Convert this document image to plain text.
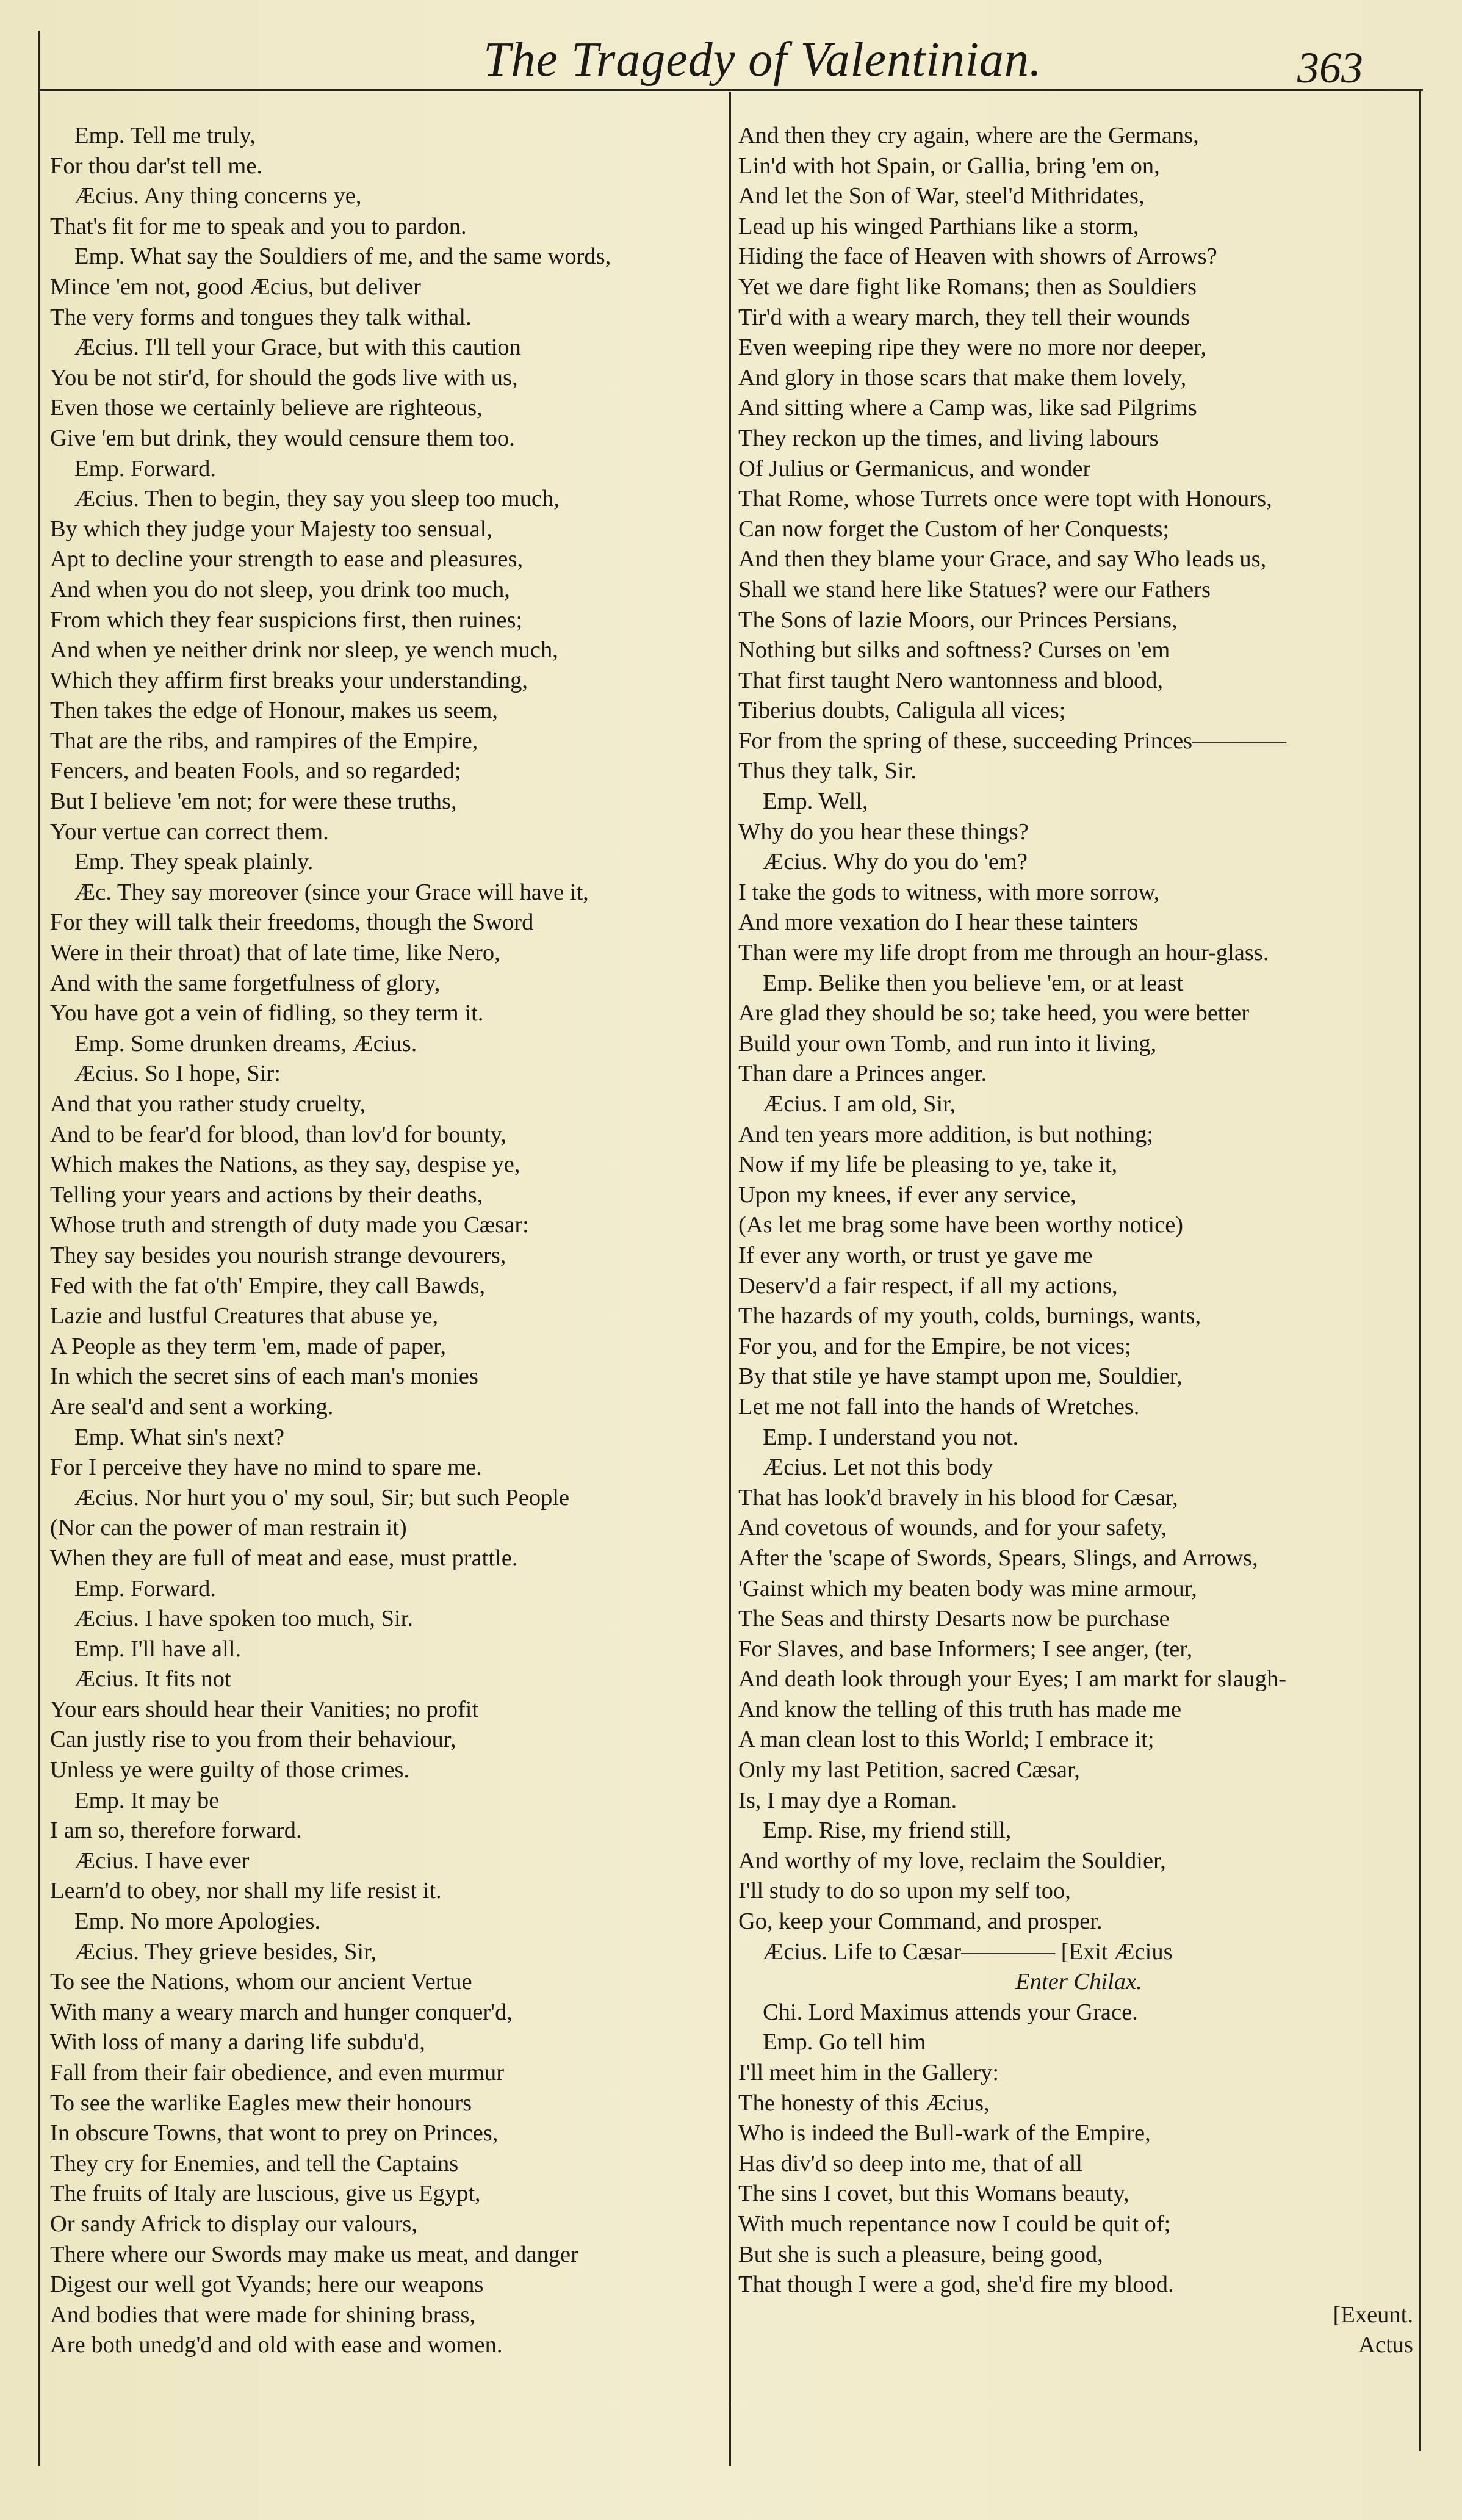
The Tragedy of Valentinian.	363
Emp. Tell me truly,
For thou dar'st tell me.
Æcius. Any thing concerns ye,
That's fit for me to speak and you to pardon.
Emp. What say the Souldiers of me, and the same words,
Mince 'em not, good Æcius, but deliver
The very forms and tongues they talk withal.
Æcius. I'll tell your Grace, but with this caution
You be not stir'd, for should the gods live with us,
Even those we certainly believe are righteous,
Give 'em but drink, they would censure them too.
Emp. Forward.
Æcius. Then to begin, they say you sleep too much,
By which they judge your Majesty too sensual,
Apt to decline your strength to ease and pleasures,
And when you do not sleep, you drink too much,
From which they fear suspicions first, then ruines;
And when ye neither drink nor sleep, ye wench much,
Which they affirm first breaks your understanding,
Then takes the edge of Honour, makes us seem,
That are the ribs, and rampires of the Empire,
Fencers, and beaten Fools, and so regarded;
But I believe 'em not; for were these truths,
Your vertue can correct them.
Emp. They speak plainly.
Æc. They say moreover (since your Grace will have it,
For they will talk their freedoms, though the Sword
Were in their throat) that of late time, like Nero,
And with the same forgetfulness of glory,
You have got a vein of fidling, so they term it.
Emp. Some drunken dreams, Æcius.
Æcius. So I hope, Sir:
And that you rather study cruelty,
And to be fear'd for blood, than lov'd for bounty,
Which makes the Nations, as they say, despise ye,
Telling your years and actions by their deaths,
Whose truth and strength of duty made you Cæsar:
They say besides you nourish strange devourers,
Fed with the fat o'th' Empire, they call Bawds,
Lazie and lustful Creatures that abuse ye,
A People as they term 'em, made of paper,
In which the secret sins of each man's monies
Are seal'd and sent a working.
Emp. What sin's next?
For I perceive they have no mind to spare me.
Æcius. Nor hurt you o' my soul, Sir; but such People
(Nor can the power of man restrain it)
When they are full of meat and ease, must prattle.
Emp. Forward.
Æcius. I have spoken too much, Sir.
Emp. I'll have all.
Æcius. It fits not
Your ears should hear their Vanities; no profit
Can justly rise to you from their behaviour,
Unless ye were guilty of those crimes.
Emp. It may be
I am so, therefore forward.
Æcius. I have ever
Learn'd to obey, nor shall my life resist it.
Emp. No more Apologies.
Æcius. They grieve besides, Sir,
To see the Nations, whom our ancient Vertue
With many a weary march and hunger conquer'd,
With loss of many a daring life subdu'd,
Fall from their fair obedience, and even murmur
To see the warlike Eagles mew their honours
In obscure Towns, that wont to prey on Princes,
They cry for Enemies, and tell the Captains
The fruits of Italy are luscious, give us Egypt,
Or sandy Africk to display our valours,
There where our Swords may make us meat, and danger
Digest our well got Vyands; here our weapons
And bodies that were made for shining brass,
Are both unedg'd and old with ease and women.
And then they cry again, where are the Germans,
Lin'd with hot Spain, or Gallia, bring 'em on,
And let the Son of War, steel'd Mithridates,
Lead up his winged Parthians like a storm,
Hiding the face of Heaven with showrs of Arrows?
Yet we dare fight like Romans; then as Souldiers
Tir'd with a weary march, they tell their wounds
Even weeping ripe they were no more nor deeper,
And glory in those scars that make them lovely,
And sitting where a Camp was, like sad Pilgrims
They reckon up the times, and living labours
Of Julius or Germanicus, and wonder
That Rome, whose Turrets once were topt with Honours,
Can now forget the Custom of her Conquests;
And then they blame your Grace, and say Who leads us,
Shall we stand here like Statues? were our Fathers
The Sons of lazie Moors, our Princes Persians,
Nothing but silks and softness? Curses on 'em
That first taught Nero wantonness and blood,
Tiberius doubts, Caligula all vices;
For from the spring of these, succeeding Princes————
Thus they talk, Sir.
Emp. Well,
Why do you hear these things?
Æcius. Why do you do 'em?
I take the gods to witness, with more sorrow,
And more vexation do I hear these tainters
Than were my life dropt from me through an hour-glass.
Emp. Belike then you believe 'em, or at least
Are glad they should be so; take heed, you were better
Build your own Tomb, and run into it living,
Than dare a Princes anger.
Æcius. I am old, Sir,
And ten years more addition, is but nothing;
Now if my life be pleasing to ye, take it,
Upon my knees, if ever any service,
(As let me brag some have been worthy notice)
If ever any worth, or trust ye gave me
Deserv'd a fair respect, if all my actions,
The hazards of my youth, colds, burnings, wants,
For you, and for the Empire, be not vices;
By that stile ye have stampt upon me, Souldier,
Let me not fall into the hands of Wretches.
Emp. I understand you not.
Æcius. Let not this body
That has look'd bravely in his blood for Cæsar,
And covetous of wounds, and for your safety,
After the 'scape of Swords, Spears, Slings, and Arrows,
'Gainst which my beaten body was mine armour,
The Seas and thirsty Desarts now be purchase
For Slaves, and base Informers; I see anger, (ter,
And death look through your Eyes; I am markt for slaugh-
And know the telling of this truth has made me
A man clean lost to this World; I embrace it;
Only my last Petition, sacred Cæsar,
Is, I may dye a Roman.
Emp. Rise, my friend still,
And worthy of my love, reclaim the Souldier,
I'll study to do so upon my self too,
Go, keep your Command, and prosper.
Æcius. Life to Cæsar———— [Exit Æcius
Enter Chilax.
Chi. Lord Maximus attends your Grace.
Emp. Go tell him
I'll meet him in the Gallery:
The honesty of this Æcius,
Who is indeed the Bull-wark of the Empire,
Has div'd so deep into me, that of all
The sins I covet, but this Womans beauty,
With much repentance now I could be quit of;
But she is such a pleasure, being good,
That though I were a god, she'd fire my blood.
[Exeunt.
Actus
